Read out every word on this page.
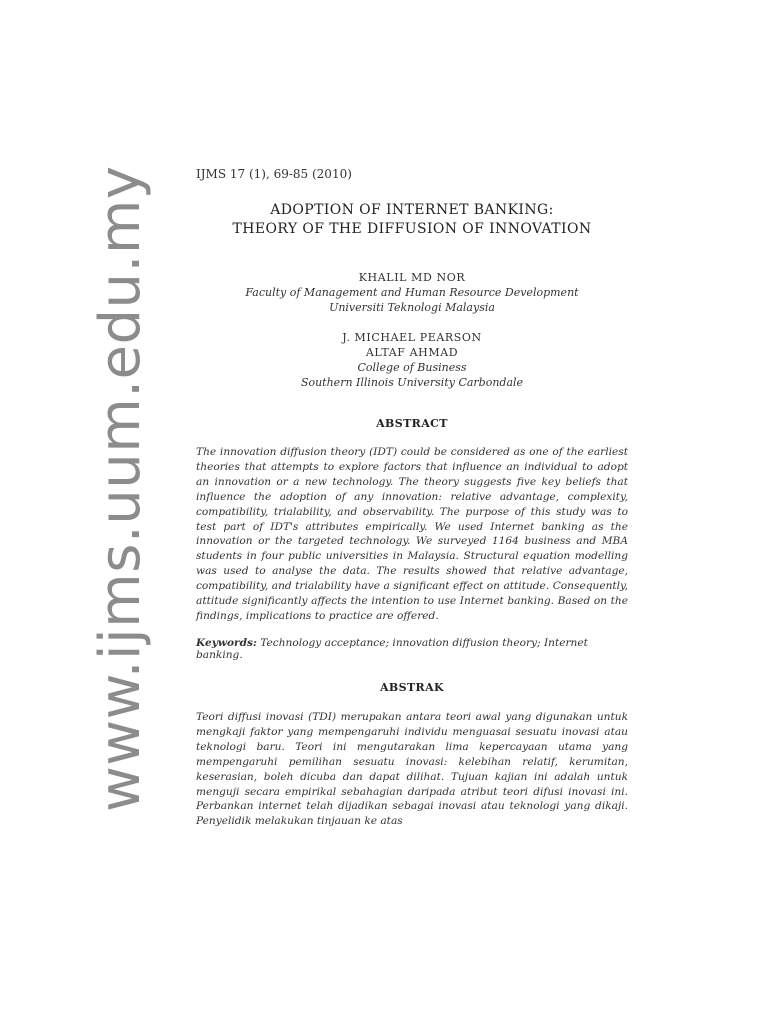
www.ijms.uum.edu.my	IJMS 17 (1), 69-85 (2010)
ADOPTION OF INTERNET BANKING:
THEORY OF THE DIFFUSION OF INNOVATION
KHALIL MD NOR
Faculty of Management and Human Resource Development
Universiti Teknologi Malaysia
J. MICHAEL PEARSON
ALTAF AHMAD
College of Business
Southern Illinois University Carbondale
ABSTRACT
The innovation diffusion theory (IDT) could be considered as one of the earliest theories that attempts to explore factors that influence an individual to adopt an innovation or a new technology. The theory suggests five key beliefs that influence the adoption of any innovation: relative advantage, complexity, compatibility, trialability, and observability. The purpose of this study was to test part of IDT's attributes empirically. We used Internet banking as the innovation or the targeted technology. We surveyed 1164 business and MBA students in four public universities in Malaysia. Structural equation modelling was used to analyse the data. The results showed that relative advantage, compatibility, and trialability have a significant effect on attitude. Consequently, attitude significantly affects the intention to use Internet banking. Based on the findings, implications to practice are offered.
Keywords: Technology acceptance; innovation diffusion theory; Internet banking.
ABSTRAK
Teori diffusi inovasi (TDI) merupakan antara teori awal yang digunakan untuk mengkaji faktor yang mempengaruhi individu menguasai sesuatu inovasi atau teknologi baru. Teori ini mengutarakan lima kepercayaan utama yang mempengaruhi pemilihan sesuatu inovasi: kelebihan relatif, kerumitan, keserasian, boleh dicuba dan dapat dilihat. Tujuan kajian ini adalah untuk menguji secara empirikal sebahagian daripada atribut teori difusi inovasi ini. Perbankan internet telah dijadikan sebagai inovasi atau teknologi yang dikaji. Penyelidik melakukan tinjauan ke atas
